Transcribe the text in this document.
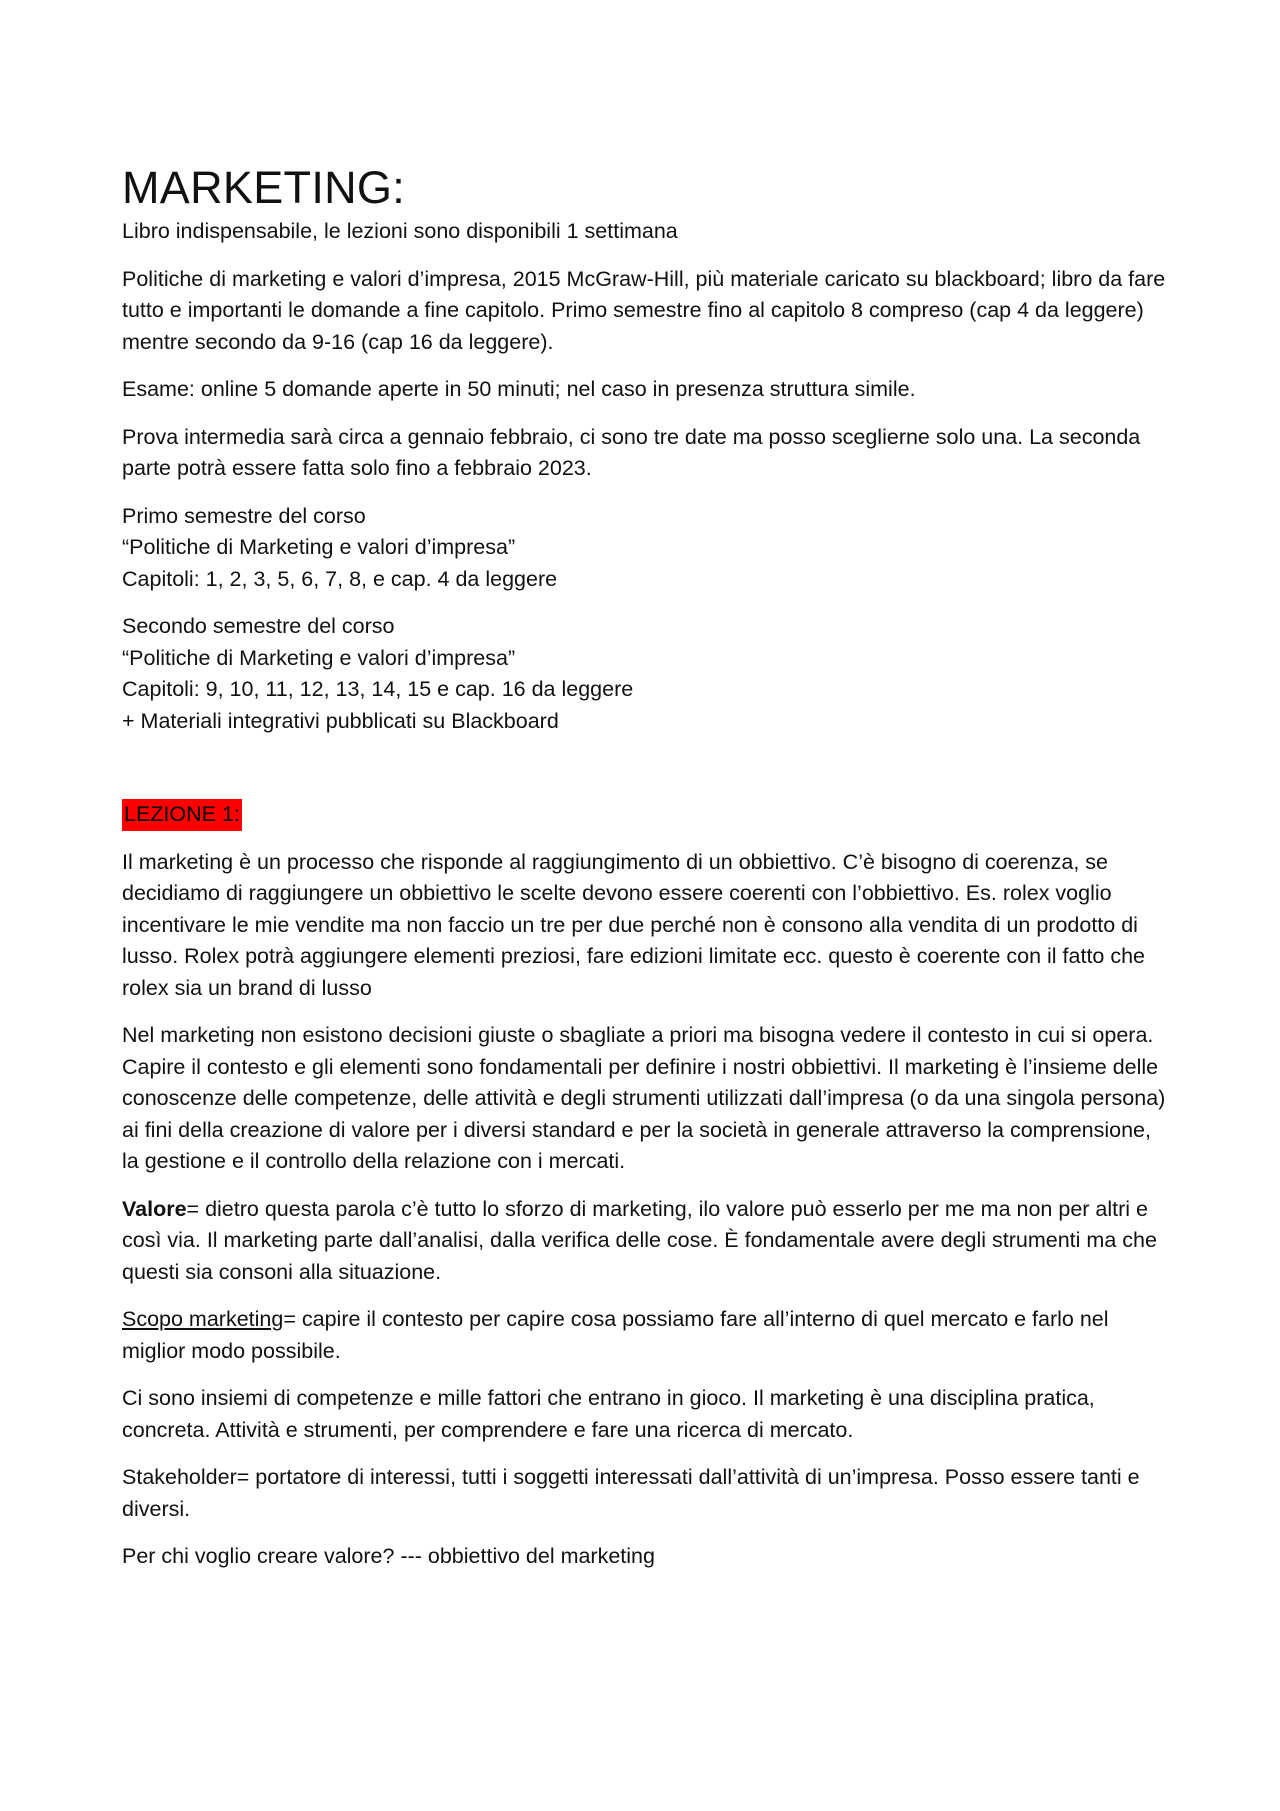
MARKETING:

Libro indispensabile, le lezioni sono disponibili 1 settimana

Politiche di marketing e valori d’impresa, 2015 McGraw-Hill, più materiale caricato su blackboard; libro da fare tutto e importanti le domande a fine capitolo. Primo semestre fino al capitolo 8 compreso (cap 4 da leggere) mentre secondo da 9-16 (cap 16 da leggere).

Esame: online 5 domande aperte in 50 minuti; nel caso in presenza struttura simile.

Prova intermedia sarà circa a gennaio febbraio, ci sono tre date ma posso sceglierne solo una. La seconda parte potrà essere fatta solo fino a febbraio 2023.

Primo semestre del corso
“Politiche di Marketing e valori d’impresa”
Capitoli: 1, 2, 3, 5, 6, 7, 8, e cap. 4 da leggere

Secondo semestre del corso
“Politiche di Marketing e valori d’impresa”
Capitoli: 9, 10, 11, 12, 13, 14, 15 e cap. 16 da leggere
+ Materiali integrativi pubblicati su Blackboard

LEZIONE 1:

Il marketing è un processo che risponde al raggiungimento di un obbiettivo. C’è bisogno di coerenza, se decidiamo di raggiungere un obbiettivo le scelte devono essere coerenti con l’obbiettivo. Es. rolex voglio incentivare le mie vendite ma non faccio un tre per due perché non è consono alla vendita di un prodotto di lusso. Rolex potrà aggiungere elementi preziosi, fare edizioni limitate ecc. questo è coerente con il fatto che rolex sia un brand di lusso

Nel marketing non esistono decisioni giuste o sbagliate a priori ma bisogna vedere il contesto in cui si opera. Capire il contesto e gli elementi sono fondamentali per definire i nostri obbiettivi. Il marketing è l’insieme delle conoscenze delle competenze, delle attività e degli strumenti utilizzati dall’impresa (o da una singola persona) ai fini della creazione di valore per i diversi standard e per la società in generale attraverso la comprensione, la gestione e il controllo della relazione con i mercati.

Valore= dietro questa parola c’è tutto lo sforzo di marketing, ilo valore può esserlo per me ma non per altri e così via. Il marketing parte dall’analisi, dalla verifica delle cose. È fondamentale avere degli strumenti ma che questi sia consoni alla situazione.

Scopo marketing= capire il contesto per capire cosa possiamo fare all’interno di quel mercato e farlo nel miglior modo possibile.

Ci sono insiemi di competenze e mille fattori che entrano in gioco. Il marketing è una disciplina pratica, concreta. Attività e strumenti, per comprendere e fare una ricerca di mercato.

Stakeholder= portatore di interessi, tutti i soggetti interessati dall’attività di un’impresa. Posso essere tanti e diversi.

Per chi voglio creare valore? --- obbiettivo del marketing
